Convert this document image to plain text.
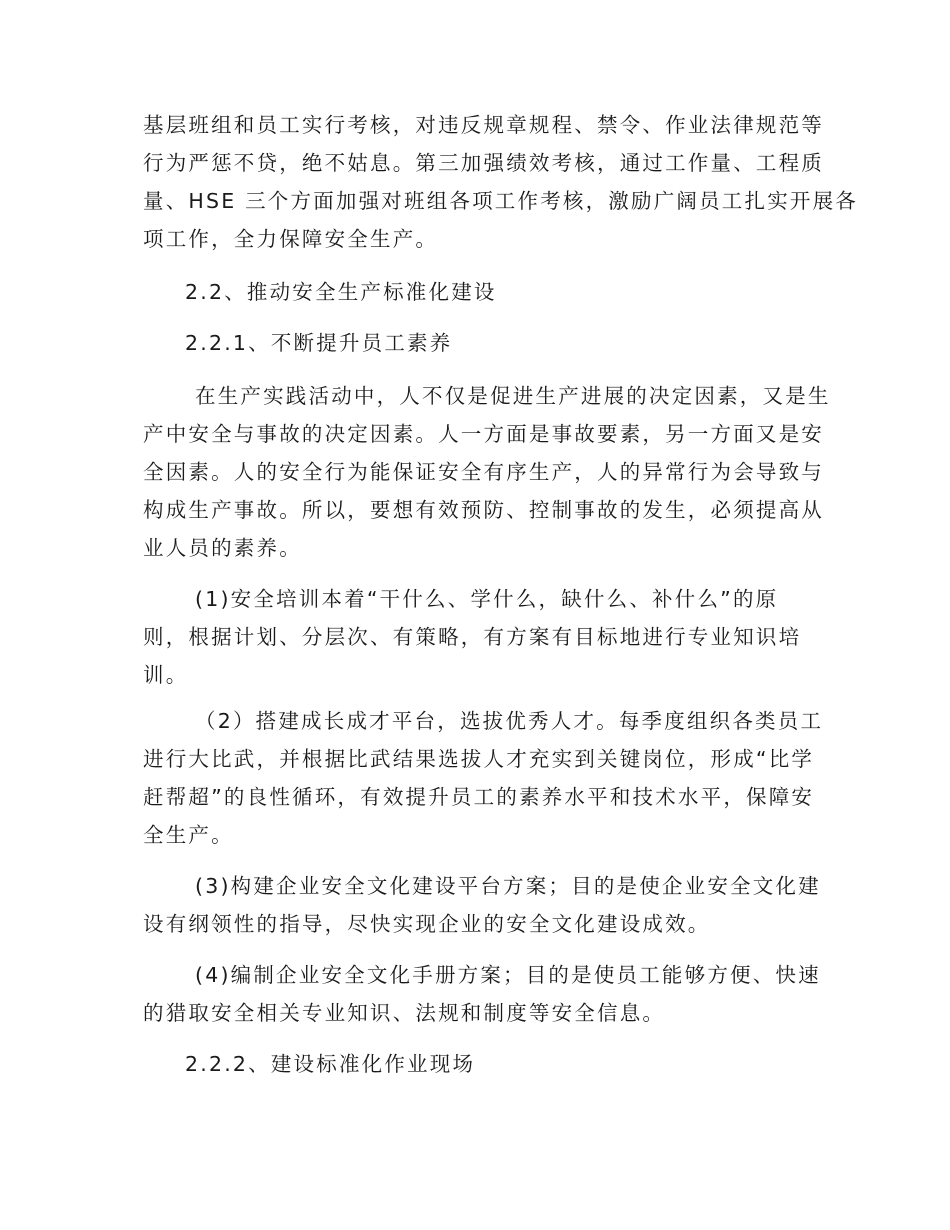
基层班组和员工实行考核，对违反规章规程、禁令、作业法律规范等
行为严惩不贷，绝不姑息。第三加强绩效考核，通过工作量、工程质
量、HSE 三个方面加强对班组各项工作考核，激励广阔员工扎实开展各
项工作，全力保障安全生产。
2.2、推动安全生产标准化建设
2.2.1、不断提升员工素养
在生产实践活动中，人不仅是促进生产进展的决定因素，又是生
产中安全与事故的决定因素。人一方面是事故要素，另一方面又是安
全因素。人的安全行为能保证安全有序生产，人的异常行为会导致与
构成生产事故。所以，要想有效预防、控制事故的发生，必须提高从
业人员的素养。
(1)安全培训本着“干什么、学什么，缺什么、补什么”的原
则，根据计划、分层次、有策略，有方案有目标地进行专业知识培
训。
（2）搭建成长成才平台，选拔优秀人才。每季度组织各类员工
进行大比武，并根据比武结果选拔人才充实到关键岗位，形成“比学
赶帮超”的良性循环，有效提升员工的素养水平和技术水平，保障安
全生产。
(3)构建企业安全文化建设平台方案；目的是使企业安全文化建
设有纲领性的指导，尽快实现企业的安全文化建设成效。
(4)编制企业安全文化手册方案；目的是使员工能够方便、快速
的猎取安全相关专业知识、法规和制度等安全信息。
2.2.2、建设标准化作业现场
